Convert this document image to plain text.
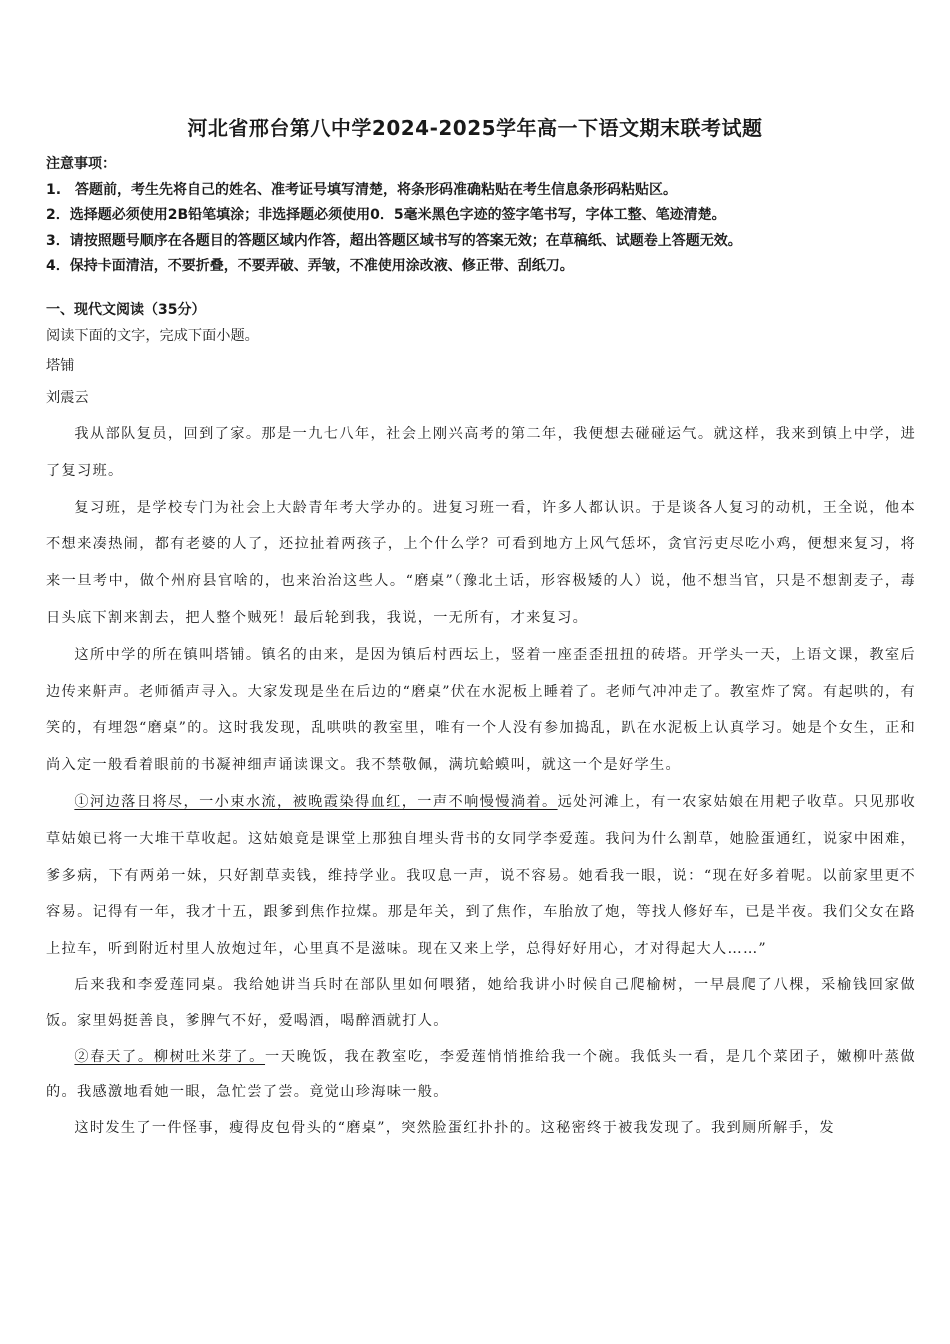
河北省邢台第八中学2024-2025学年高一下语文期末联考试题
注意事项：
1.　答题前，考生先将自己的姓名、准考证号填写清楚，将条形码准确粘贴在考生信息条形码粘贴区。
2．选择题必须使用2B铅笔填涂；非选择题必须使用0．5毫米黑色字迹的签字笔书写，字体工整、笔迹清楚。
3．请按照题号顺序在各题目的答题区域内作答，超出答题区域书写的答案无效；在草稿纸、试题卷上答题无效。
4．保持卡面清洁，不要折叠，不要弄破、弄皱，不准使用涂改液、修正带、刮纸刀。
一、现代文阅读（35分）
阅读下面的文字，完成下面小题。
塔铺
刘震云

我从部队复员，回到了家。那是一九七八年，社会上刚兴高考的第二年，我便想去碰碰运气。就这样，我来到镇上中学，进了复习班。

复习班，是学校专门为社会上大龄青年考大学办的。进复习班一看，许多人都认识。于是谈各人复习的动机，王全说，他本不想来凑热闹，都有老婆的人了，还拉扯着两孩子，上个什么学？可看到地方上风气恁坏，贪官污吏尽吃小鸡，便想来复习，将来一旦考中，做个州府县官啥的，也来治治这些人。“磨桌”（豫北土话，形容极矮的人）说，他不想当官，只是不想割麦子，毒日头底下割来割去，把人整个贼死！最后轮到我，我说，一无所有，才来复习。

这所中学的所在镇叫塔铺。镇名的由来，是因为镇后村西坛上，竖着一座歪歪扭扭的砖塔。开学头一天，上语文课，教室后边传来鼾声。老师循声寻入。大家发现是坐在后边的“磨桌”伏在水泥板上睡着了。老师气冲冲走了。教室炸了窝。有起哄的，有笑的，有埋怨“磨桌”的。这时我发现，乱哄哄的教室里，唯有一个人没有参加捣乱，趴在水泥板上认真学习。她是个女生，正和尚入定一般看着眼前的书凝神细声诵读课文。我不禁敬佩，满坑蛤蟆叫，就这一个是好学生。

①河边落日将尽，一小束水流，被晚霞染得血红，一声不响慢慢淌着。远处河滩上，有一农家姑娘在用耙子收草。只见那收草姑娘已将一大堆干草收起。这姑娘竟是课堂上那独自埋头背书的女同学李爱莲。我问为什么割草，她脸蛋通红，说家中困难，爹多病，下有两弟一妹，只好割草卖钱，维持学业。我叹息一声，说不容易。她看我一眼，说：“现在好多着呢。以前家里更不容易。记得有一年，我才十五，跟爹到焦作拉煤。那是年关，到了焦作，车胎放了炮，等找人修好车，已是半夜。我们父女在路上拉车，听到附近村里人放炮过年，心里真不是滋味。现在又来上学，总得好好用心，才对得起大人……”

后来我和李爱莲同桌。我给她讲当兵时在部队里如何喂猪，她给我讲小时候自己爬榆树，一早晨爬了八棵，采榆钱回家做饭。家里妈挺善良，爹脾气不好，爱喝酒，喝醉酒就打人。

②春天了。柳树吐米芽了。一天晚饭，我在教室吃，李爱莲悄悄推给我一个碗。我低头一看，是几个菜团子，嫩柳叶蒸做的。我感激地看她一眼，急忙尝了尝。竟觉山珍海味一般。

这时发生了一件怪事，瘦得皮包骨头的“磨桌”，突然脸蛋红扑扑的。这秘密终于被我发现了。我到厕所解手，发
